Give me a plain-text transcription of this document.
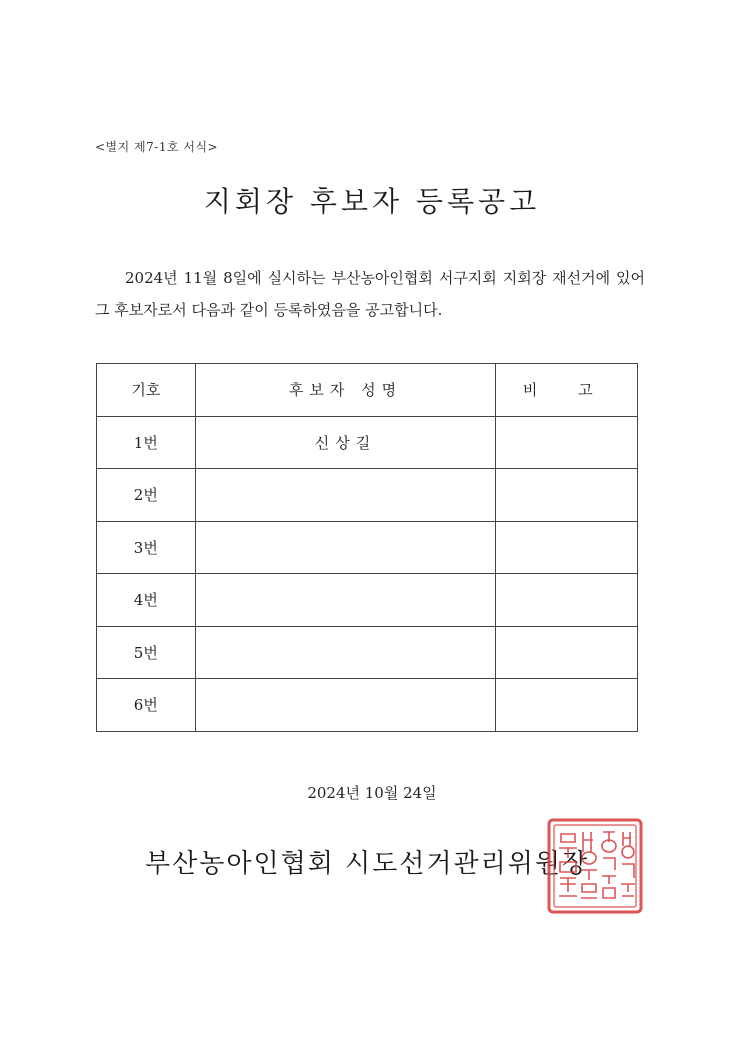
<별지 제7-1호 서식>
지회장 후보자 등록공고
2024년 11월 8일에 실시하는 부산농아인협회 서구지회 지회장 재선거에 있어 그 후보자로서 다음과 같이 등록하였음을 공고합니다.
기호	후보자 성명	비 고
1번	신상길	
2번		
3번		
4번		
5번		
6번		
2024년 10월 24일
부산농아인협회 시도선거관리위원장
